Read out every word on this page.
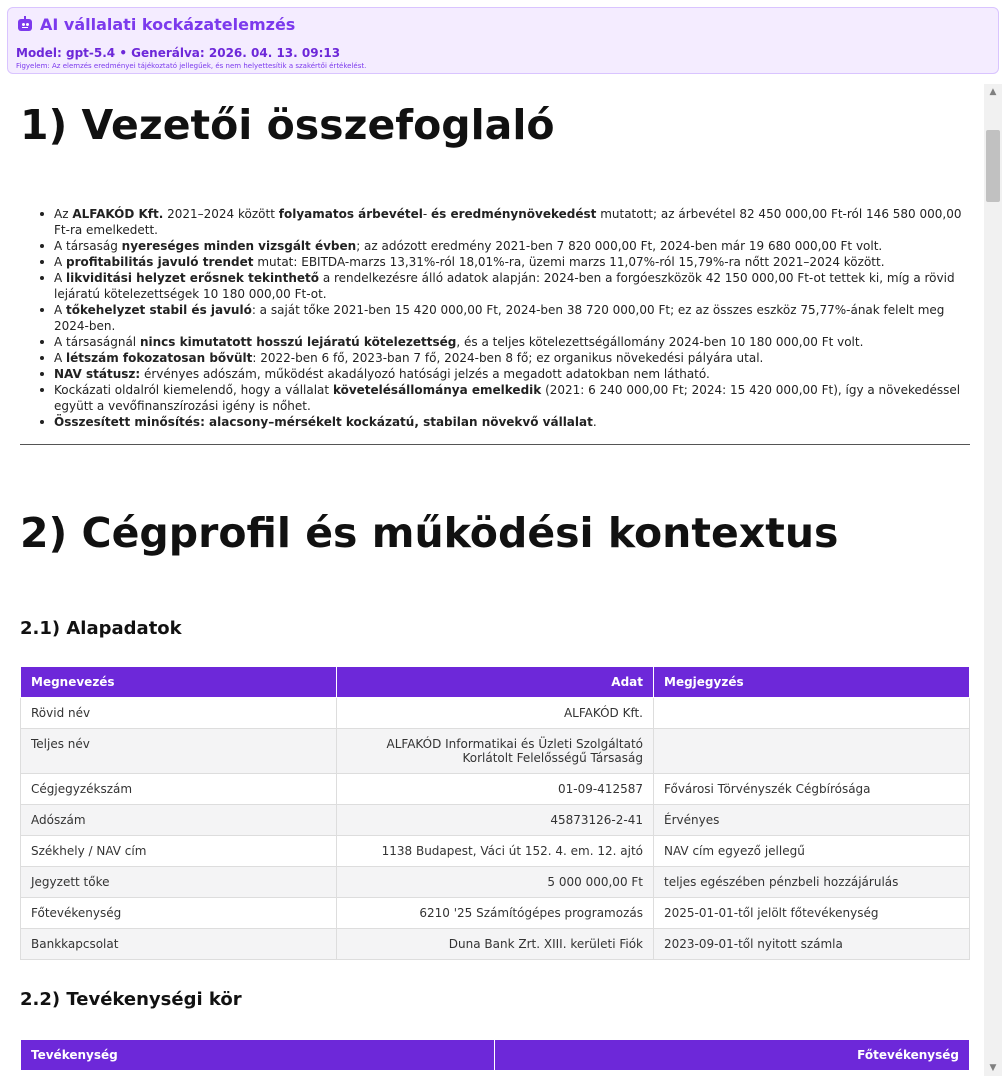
AI vállalati kockázatelemzés
Model: gpt-5.4 • Generálva: 2026. 04. 13. 09:13
Figyelem: Az elemzés eredményei tájékoztató jellegűek, és nem helyettesítik a szakértői értékelést.
1) Vezetői összefoglaló
Az ALFAKÓD Kft. 2021–2024 között folyamatos árbevétel- és eredménynövekedést mutatott; az árbevétel 82 450 000,00 Ft-ról 146 580 000,00 Ft-ra emelkedett.
A társaság nyereséges minden vizsgált évben; az adózott eredmény 2021-ben 7 820 000,00 Ft, 2024-ben már 19 680 000,00 Ft volt.
A profitabilitás javuló trendet mutat: EBITDA-marzs 13,31%-ról 18,01%-ra, üzemi marzs 11,07%-ról 15,79%-ra nőtt 2021–2024 között.
A likviditási helyzet erősnek tekinthető a rendelkezésre álló adatok alapján: 2024-ben a forgóeszközök 42 150 000,00 Ft-ot tettek ki, míg a rövid lejáratú kötelezettségek 10 180 000,00 Ft-ot.
A tőkehelyzet stabil és javuló: a saját tőke 2021-ben 15 420 000,00 Ft, 2024-ben 38 720 000,00 Ft; ez az összes eszköz 75,77%-ának felelt meg 2024-ben.
A társaságnál nincs kimutatott hosszú lejáratú kötelezettség, és a teljes kötelezettségállomány 2024-ben 10 180 000,00 Ft volt.
A létszám fokozatosan bővült: 2022-ben 6 fő, 2023-ban 7 fő, 2024-ben 8 fő; ez organikus növekedési pályára utal.
NAV státusz: érvényes adószám, működést akadályozó hatósági jelzés a megadott adatokban nem látható.
Kockázati oldalról kiemelendő, hogy a vállalat követelésállománya emelkedik (2021: 6 240 000,00 Ft; 2024: 15 420 000,00 Ft), így a növekedéssel együtt a vevőfinanszírozási igény is nőhet.
Összesített minősítés: alacsony–mérsékelt kockázatú, stabilan növekvő vállalat.
2) Cégprofil és működési kontextus
2.1) Alapadatok
Megnevezés	Adat	Megjegyzés
Rövid név	ALFAKÓD Kft.	
Teljes név	ALFAKÓD Informatikai és Üzleti Szolgáltató Korlátolt Felelősségű Társaság	
Cégjegyzékszám	01-09-412587	Fővárosi Törvényszék Cégbírósága
Adószám	45873126-2-41	Érvényes
Székhely / NAV cím	1138 Budapest, Váci út 152. 4. em. 12. ajtó	NAV cím egyező jellegű
Jegyzett tőke	5 000 000,00 Ft	teljes egészében pénzbeli hozzájárulás
Főtevékenység	6210 '25 Számítógépes programozás	2025-01-01-től jelölt főtevékenység
Bankkapcsolat	Duna Bank Zrt. XIII. kerületi Fiók	2023-09-01-től nyitott számla
2.2) Tevékenységi kör
Tevékenység	Főtevékenység
▲
▼
